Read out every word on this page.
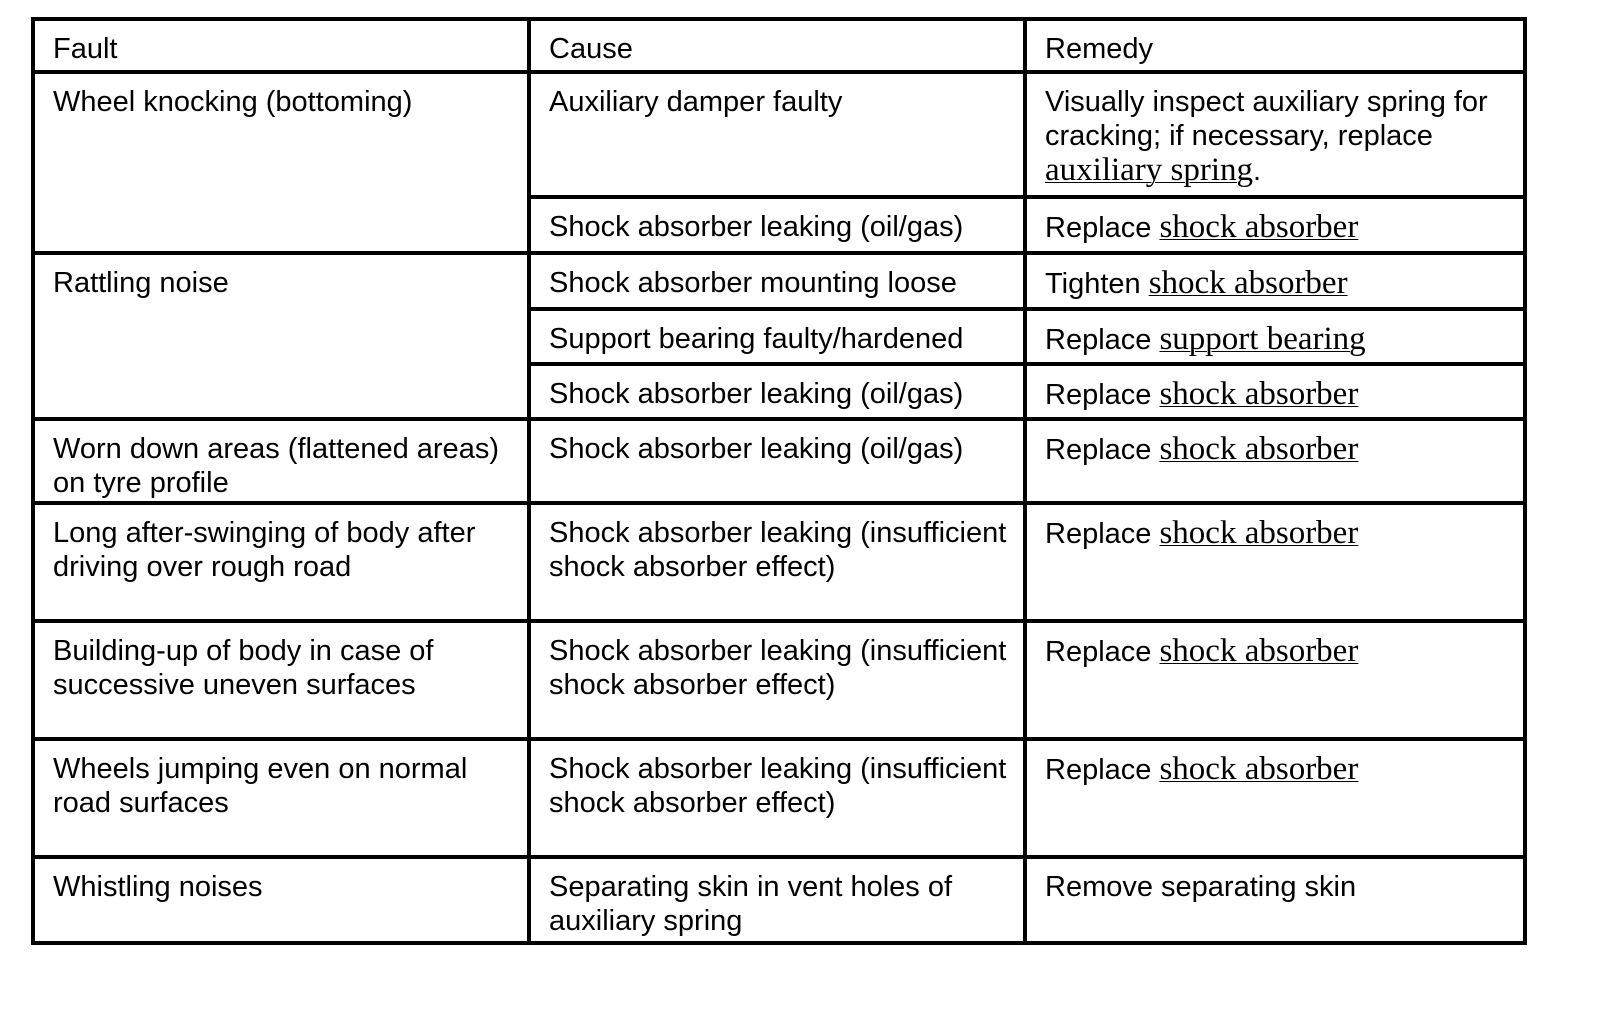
Fault	Cause	Remedy
Wheel knocking (bottoming)	Auxiliary damper faulty	Visually inspect auxiliary spring for cracking; if necessary, replace auxiliary spring.
	Shock absorber leaking (oil/gas)	Replace shock absorber
Rattling noise	Shock absorber mounting loose	Tighten shock absorber
	Support bearing faulty/hardened	Replace support bearing
	Shock absorber leaking (oil/gas)	Replace shock absorber
Worn down areas (flattened areas) on tyre profile	Shock absorber leaking (oil/gas)	Replace shock absorber
Long after-swinging of body after driving over rough road	Shock absorber leaking (insufficient shock absorber effect)	Replace shock absorber
Building-up of body in case of successive uneven surfaces	Shock absorber leaking (insufficient shock absorber effect)	Replace shock absorber
Wheels jumping even on normal road surfaces	Shock absorber leaking (insufficient shock absorber effect)	Replace shock absorber
Whistling noises	Separating skin in vent holes of auxiliary spring	Remove separating skin
